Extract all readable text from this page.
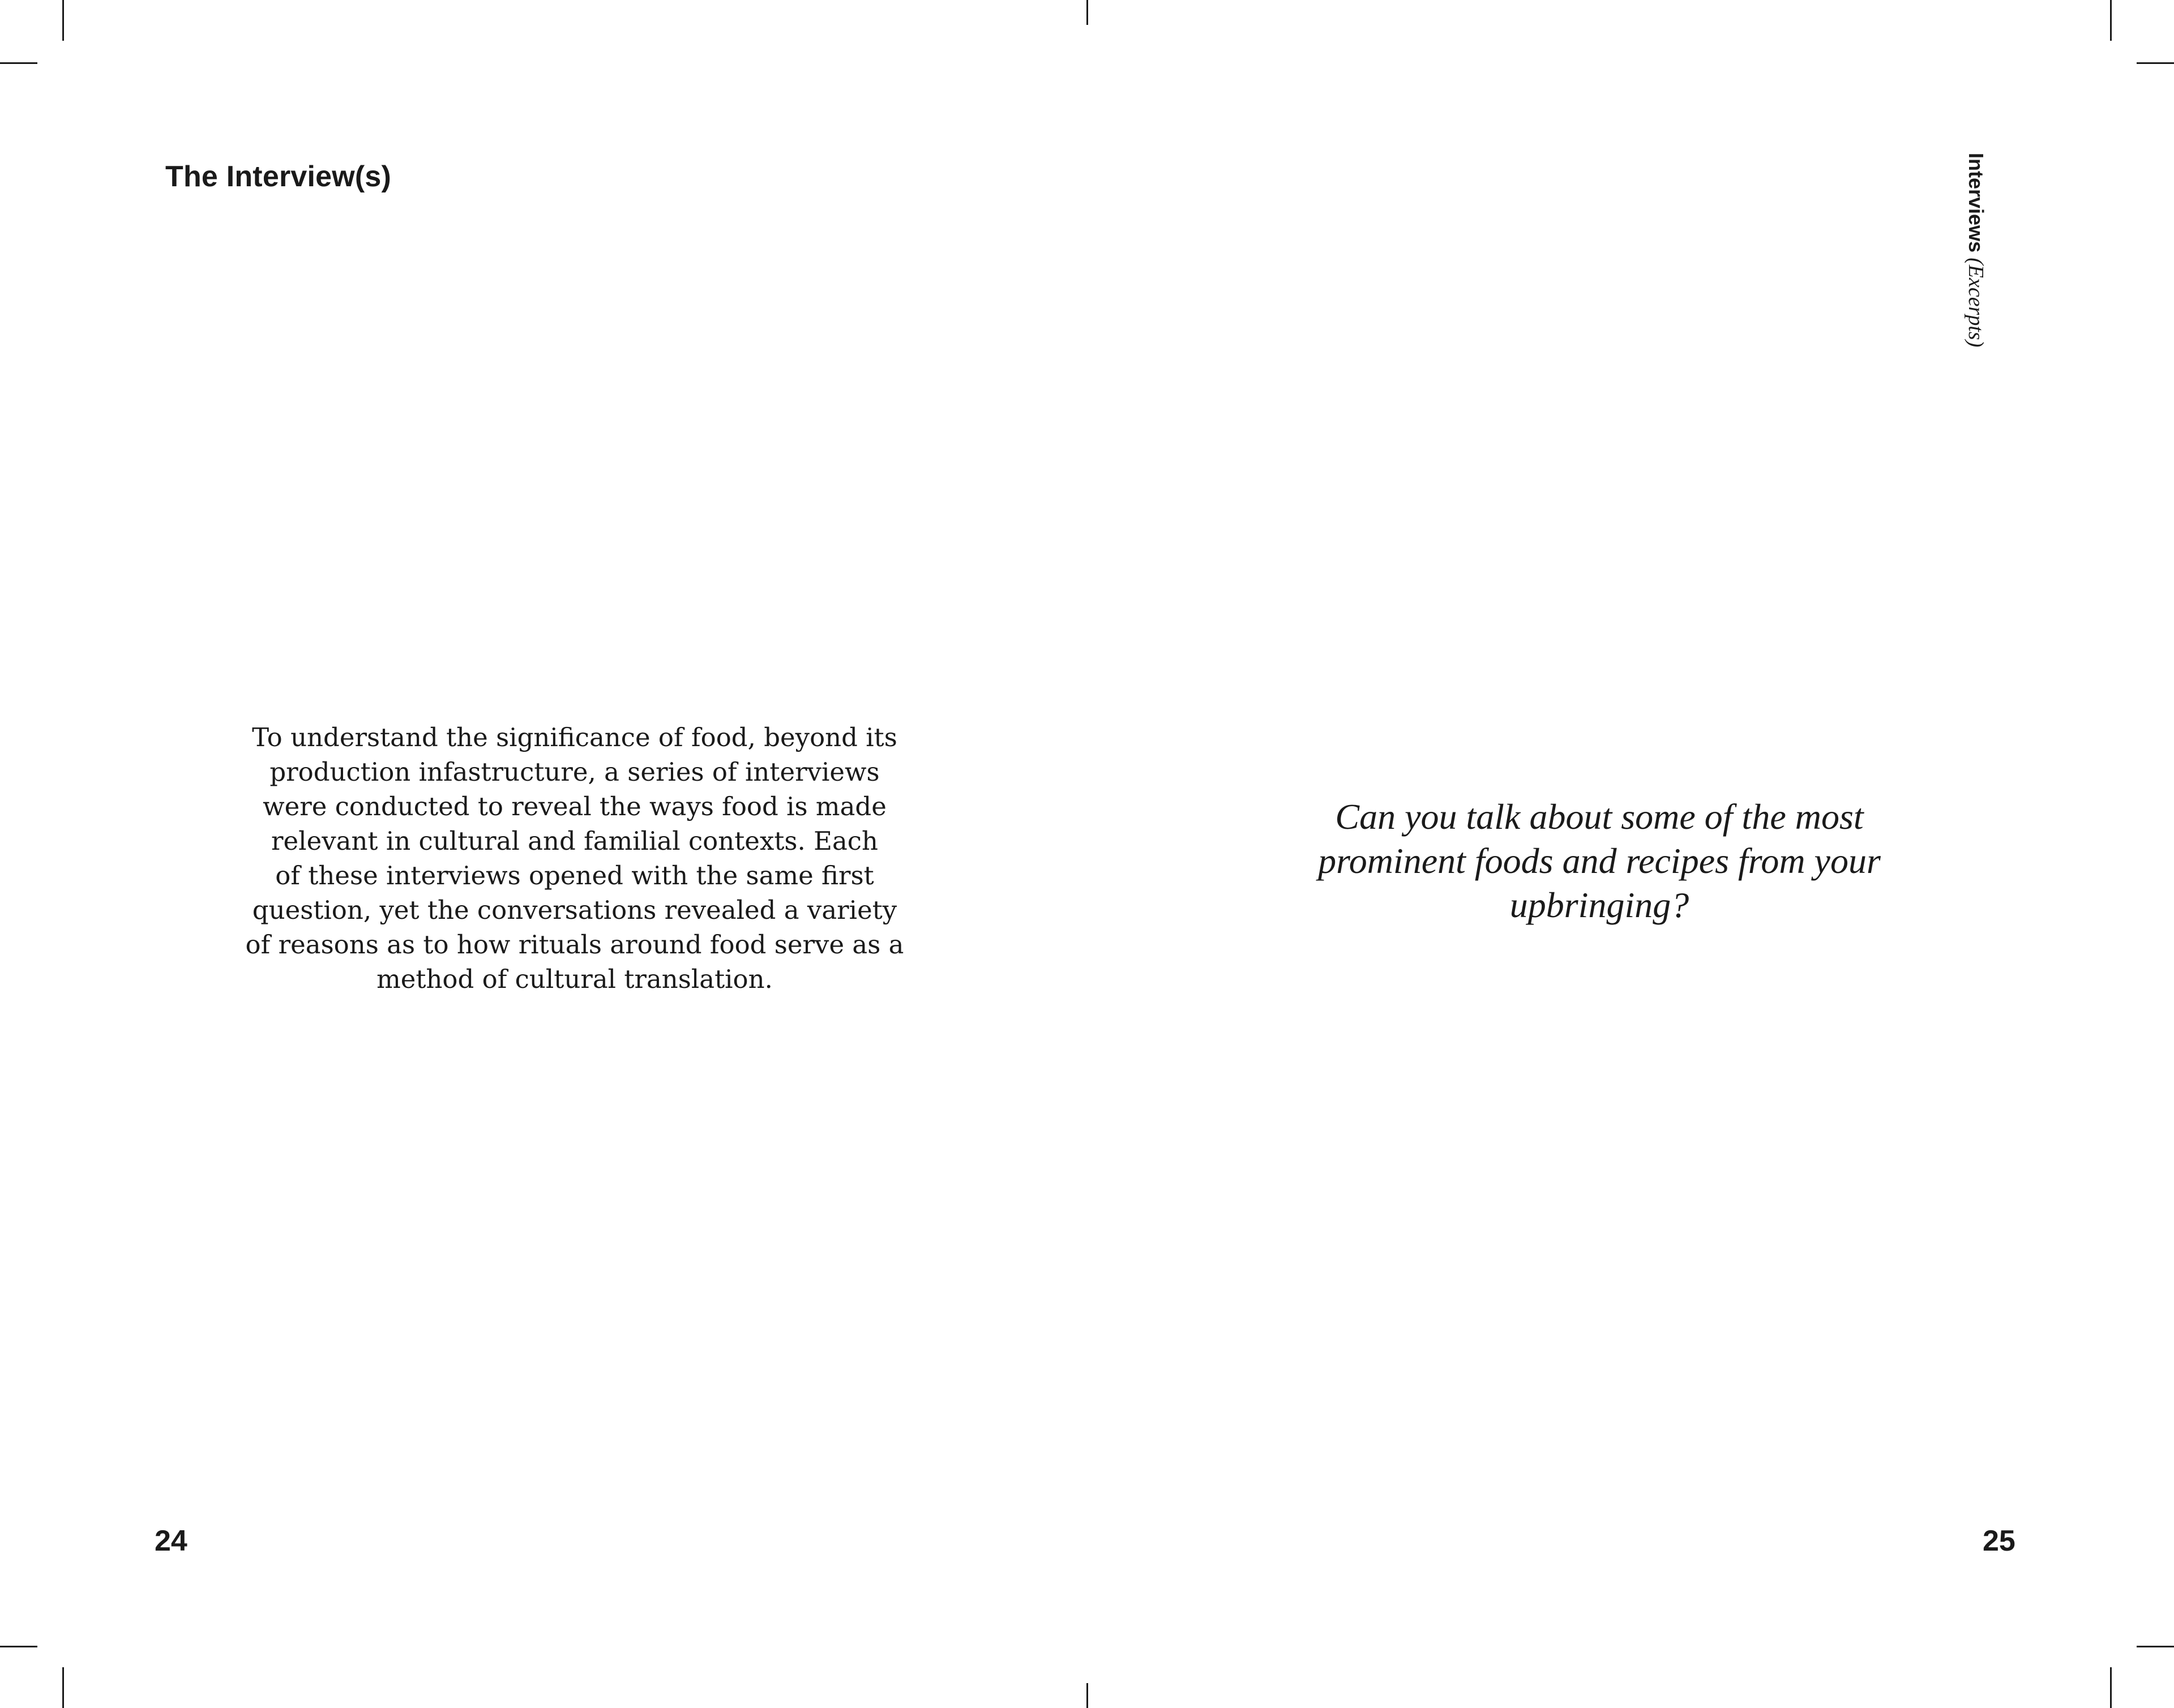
The Interview(s)
To understand the significance of food, beyond its
production infastructure, a series of interviews
were conducted to reveal the ways food is made
relevant in cultural and familial contexts. Each
of these interviews opened with the same first
question, yet the conversations revealed a variety
of reasons as to how rituals around food serve as a
method of cultural translation.
24
Interviews (Excerpts)
Can you talk about some of the most
prominent foods and recipes from your
upbringing?
25
